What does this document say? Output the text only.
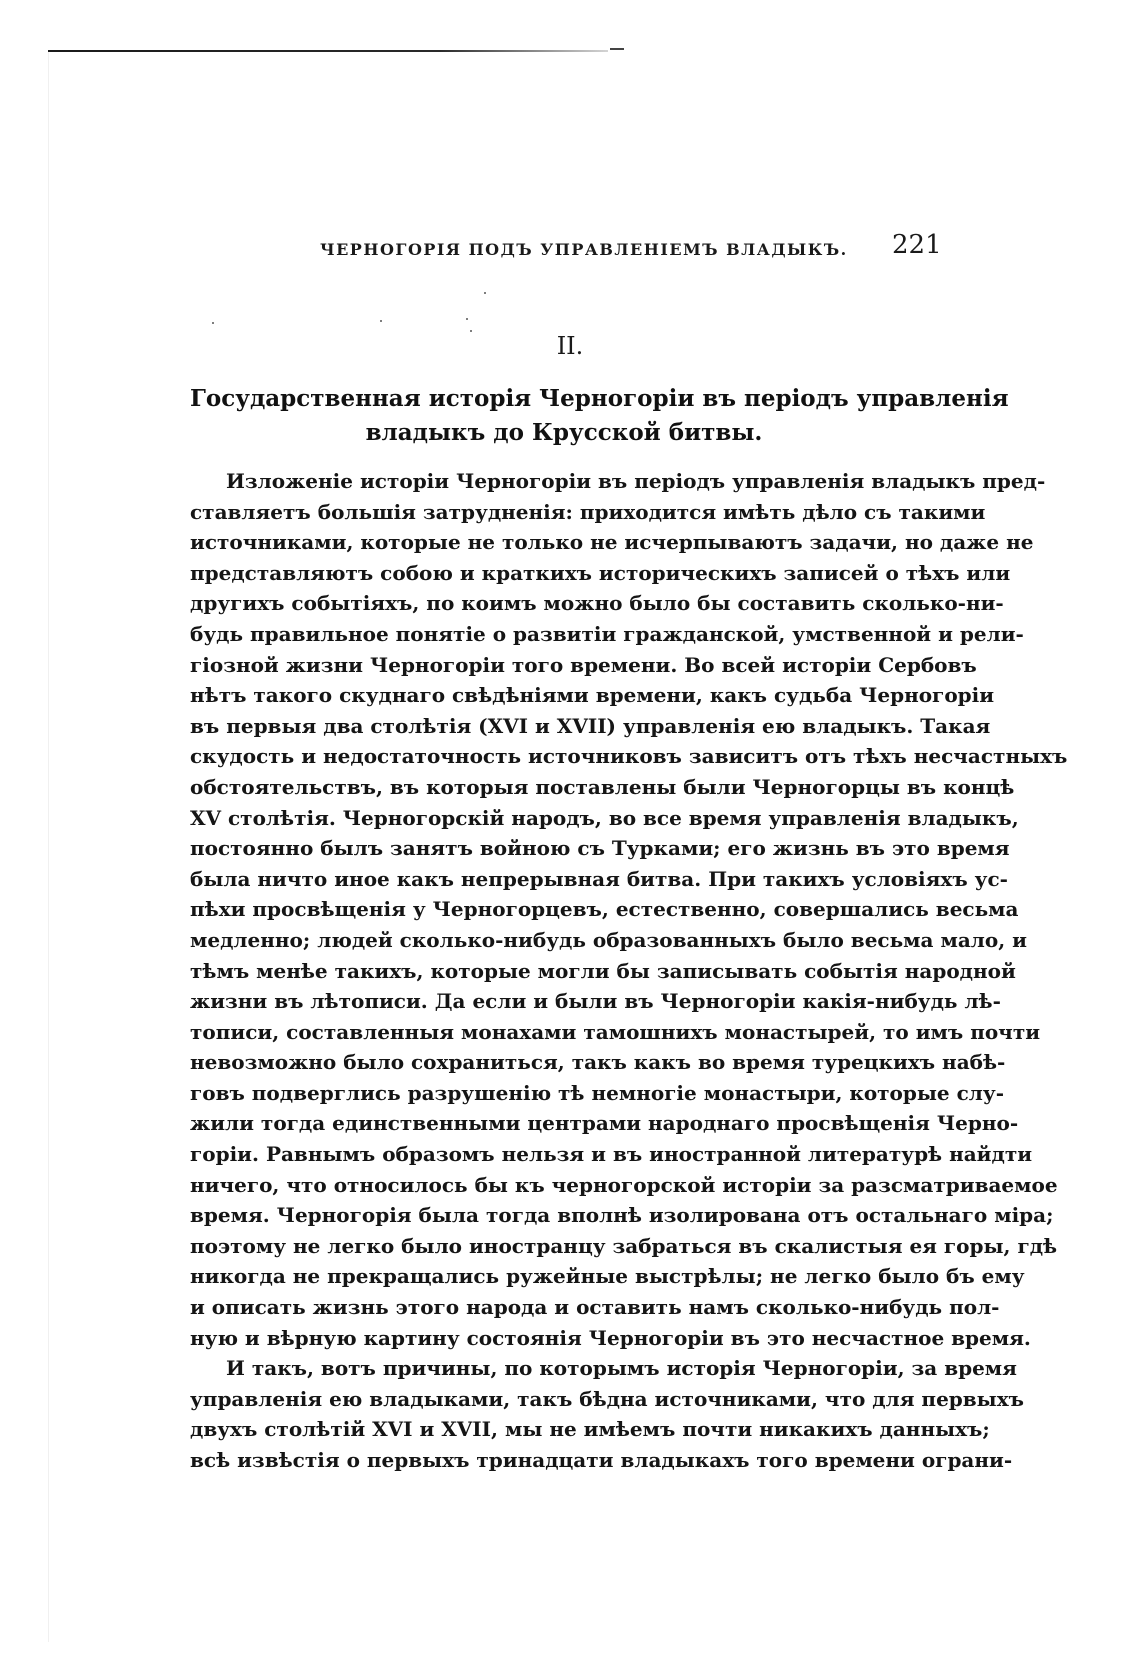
ЧЕРНОГОРІЯ ПОДЪ УПРАВЛЕНІЕМЪ ВЛАДЫКЪ. 221
II.
Государственная исторія Черногоріи въ періодъ управленія
владыкъ до Крусской битвы.
Изложеніе исторіи Черногоріи въ періодъ управленія владыкъ пред-
ставляетъ большія затрудненія: приходится имѣть дѣло съ такими
источниками, которые не только не исчерпываютъ задачи, но даже не
представляютъ собою и краткихъ историческихъ записей о тѣхъ или
другихъ событіяхъ, по коимъ можно было бы составить сколько-ни-
будь правильное понятіе о развитіи гражданской, умственной и рели-
гіозной жизни Черногоріи того времени. Во всей исторіи Сербовъ
нѣтъ такого скуднаго свѣдѣніями времени, какъ судьба Черногоріи
въ первыя два столѣтія (XVI и XVII) управленія ею владыкъ. Такая
скудость и недостаточность источниковъ зависитъ отъ тѣхъ несчастныхъ
обстоятельствъ, въ которыя поставлены были Черногорцы въ концѣ
XV столѣтія. Черногорскій народъ, во все время управленія владыкъ,
постоянно былъ занятъ войною съ Турками; его жизнь въ это время
была ничто иное какъ непрерывная битва. При такихъ условіяхъ ус-
пѣхи просвѣщенія у Черногорцевъ, естественно, совершались весьма
медленно; людей сколько-нибудь образованныхъ было весьма мало, и
тѣмъ менѣе такихъ, которые могли бы записывать событія народной
жизни въ лѣтописи. Да если и были въ Черногоріи какія-нибудь лѣ-
тописи, составленныя монахами тамошнихъ монастырей, то имъ почти
невозможно было сохраниться, такъ какъ во время турецкихъ набѣ-
говъ подверглись разрушенію тѣ немногіе монастыри, которые слу-
жили тогда единственными центрами народнаго просвѣщенія Черно-
горіи. Равнымъ образомъ нельзя и въ иностранной литературѣ найдти
ничего, что относилось бы къ черногорской исторіи за разсматриваемое
время. Черногорія была тогда вполнѣ изолирована отъ остальнаго міра;
поэтому не легко было иностранцу забраться въ скалистыя ея горы, гдѣ
никогда не прекращались ружейные выстрѣлы; не легко было бъ ему
и описать жизнь этого народа и оставить намъ сколько-нибудь пол-
ную и вѣрную картину состоянія Черногоріи въ это несчастное время.
И такъ, вотъ причины, по которымъ исторія Черногоріи, за время
управленія ею владыками, такъ бѣдна источниками, что для первыхъ
двухъ столѣтій XVI и XVII, мы не имѣемъ почти никакихъ данныхъ;
всѣ извѣстія о первыхъ тринадцати владыкахъ того времени ограни-
